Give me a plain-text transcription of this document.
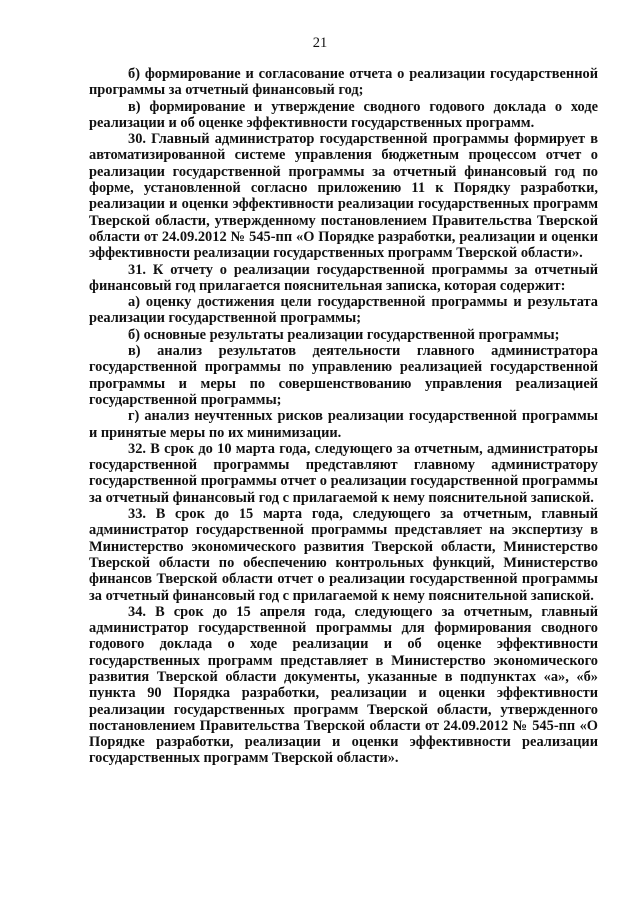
21

б) формирование и согласование отчета о реализации государственной программы за отчетный финансовый год;

в) формирование и утверждение сводного годового доклада о ходе реализации и об оценке эффективности государственных программ.

30. Главный администратор государственной программы формирует в автоматизированной системе управления бюджетным процессом отчет о реализации государственной программы за отчетный финансовый год по форме, установленной согласно приложению 11 к Порядку разработки, реализации и оценки эффективности реализации государственных программ Тверской области, утвержденному постановлением Правительства Тверской области от 24.09.2012 № 545-пп «О Порядке разработки, реализации и оценки эффективности реализации государственных программ Тверской области».

31. К отчету о реализации государственной программы за отчетный финансовый год прилагается пояснительная записка, которая содержит:

а) оценку достижения цели государственной программы и результата реализации государственной программы;

б) основные результаты реализации государственной программы;

в) анализ результатов деятельности главного администратора государственной программы по управлению реализацией государственной программы и меры по совершенствованию управления реализацией государственной программы;

г) анализ неучтенных рисков реализации государственной программы и принятые меры по их минимизации.

32. В срок до 10 марта года, следующего за отчетным, администраторы государственной программы представляют главному администратору государственной программы отчет о реализации государственной программы за отчетный финансовый год с прилагаемой к нему пояснительной запиской.

33. В срок до 15 марта года, следующего за отчетным, главный администратор государственной программы представляет на экспертизу в Министерство экономического развития Тверской области, Министерство Тверской области по обеспечению контрольных функций, Министерство финансов Тверской области отчет о реализации государственной программы за отчетный финансовый год с прилагаемой к нему пояснительной запиской.

34. В срок до 15 апреля года, следующего за отчетным, главный администратор государственной программы для формирования сводного годового доклада о ходе реализации и об оценке эффективности государственных программ представляет в Министерство экономического развития Тверской области документы, указанные в подпунктах «а», «б» пункта 90 Порядка разработки, реализации и оценки эффективности реализации государственных программ Тверской области, утвержденного постановлением Правительства Тверской области от 24.09.2012 № 545-пп «О Порядке разработки, реализации и оценки эффективности реализации государственных программ Тверской области».
